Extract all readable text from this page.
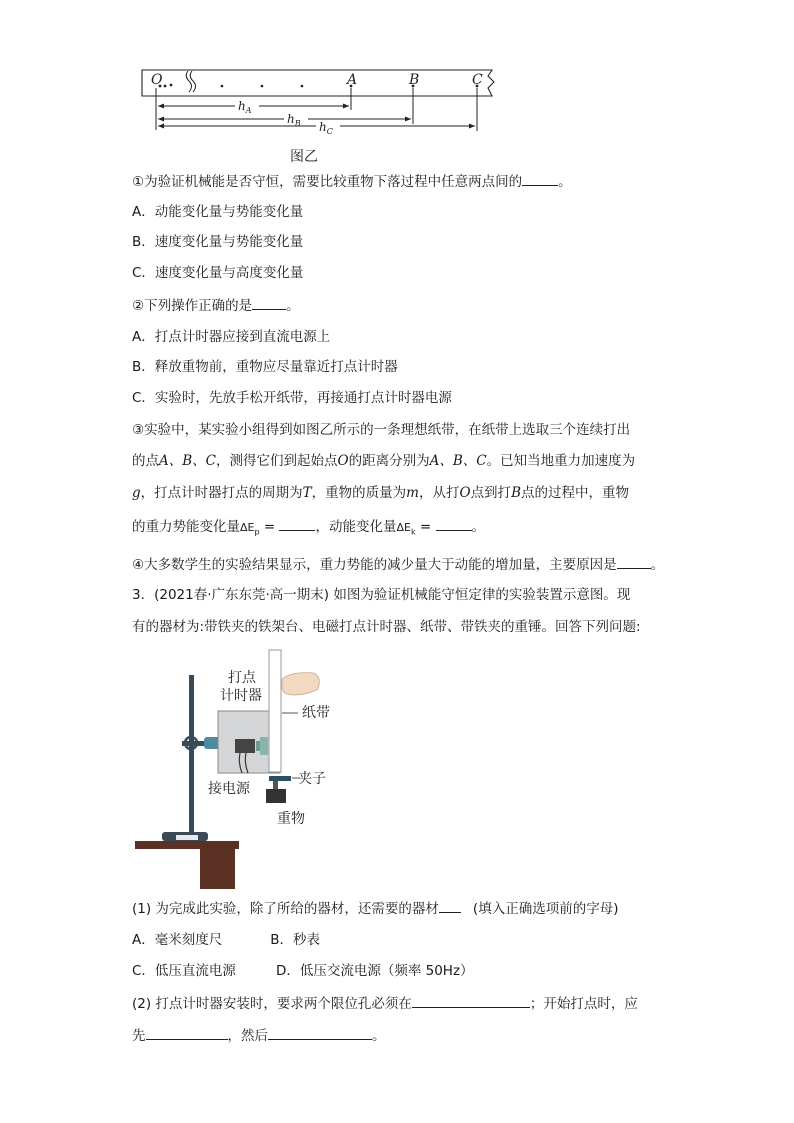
O	A	B	C
$h_A$
$h_B$ $h_C$
图乙
①为验证机械能是否守恒，需要比较重物下落过程中任意两点间的	。
A．动能变化量与势能变化量
B．速度变化量与势能变化量
C．速度变化量与高度变化量
②下列操作正确的是	。
A．打点计时器应接到直流电源上
B．释放重物前，重物应尽量靠近打点计时器
C．实验时，先放手松开纸带，再接通打点计时器电源
③实验中，某实验小组得到如图乙所示的一条理想纸带，在纸带上选取三个连续打出
的点A、B、C，测得它们到起始点O的距离分别为A、B、C。已知当地重力加速度为
g，打点计时器打点的周期为T，重物的质量为m，从打O点到打B点的过程中，重物
的重力势能变化量$\Delta E_p$ =	，动能变化量$\Delta E_k$ =	。
④大多数学生的实验结果显示，重力势能的减少量大于动能的增加量，主要原因是	。
3．(2021春·广东东莞·高一期末) 如图为验证机械能守恒定律的实验装置示意图。现
有的器材为:带铁夹的铁架台、电磁打点计时器、纸带、带铁夹的重锤。回答下列问题:
打点
计时器
纸带
接电源
夹子
重物
(1) 为完成此实验，除了所给的器材，还需要的器材	(填入正确选项前的字母)
A．毫米刻度尺	B．秒表
C．低压直流电源	D．低压交流电源（频率 50Hz）
(2) 打点计时器安装时，要求两个限位孔必须在	；开始打点时，应
先	，然后	。
